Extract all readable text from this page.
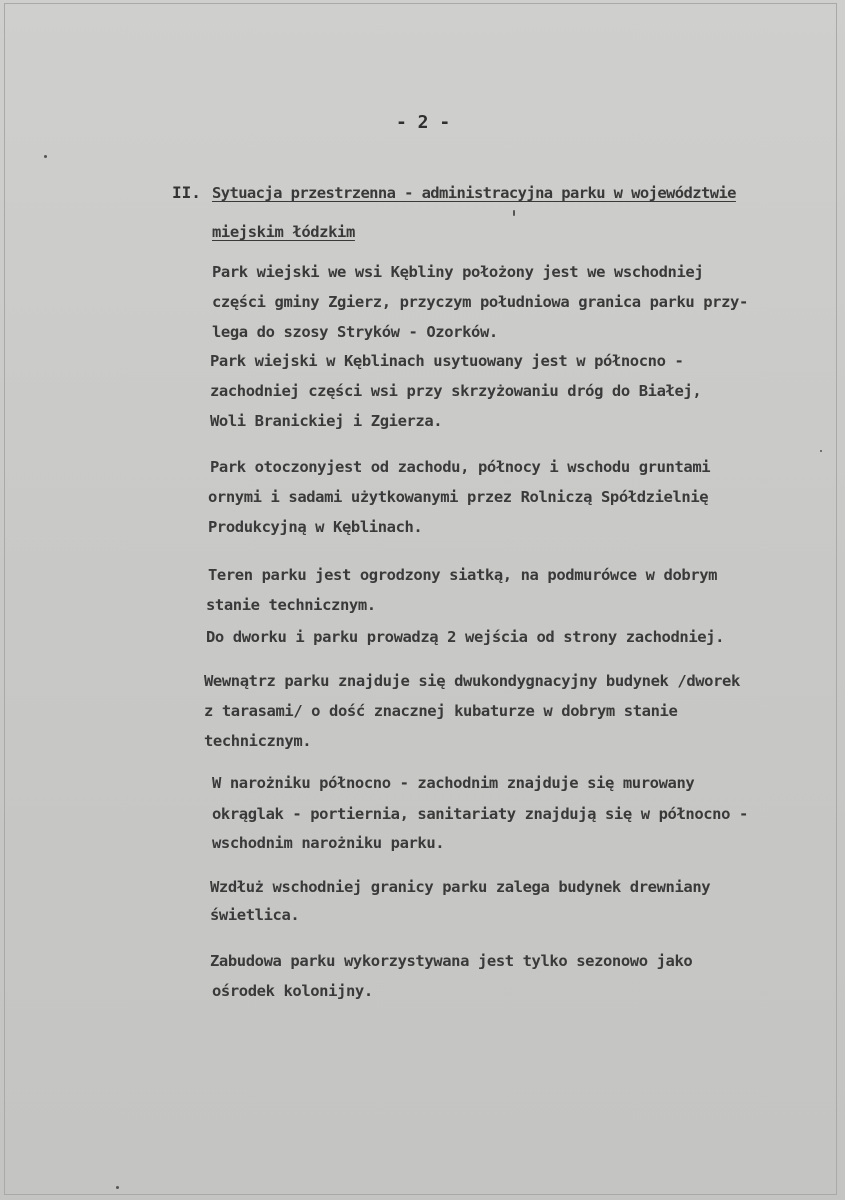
- 2 -
II. Sytuacja przestrzenna - administracyjna parku w województwie
miejskim łódzkim
Park wiejski we wsi Kębliny położony jest we wschodniej
części gminy Zgierz, przyczym południowa granica parku przy-
lega do szosy Stryków - Ozorków.
Park wiejski w Kęblinach usytuowany jest w północno -
zachodniej części wsi przy skrzyżowaniu dróg do Białej,
Woli Branickiej i Zgierza.
Park otoczonyjest od zachodu, północy i wschodu gruntami
ornymi i sadami użytkowanymi przez Rolniczą Spółdzielnię
Produkcyjną w Kęblinach.
Teren parku jest ogrodzony siatką, na podmurówce w dobrym
stanie technicznym.
Do dworku i parku prowadzą 2 wejścia od strony zachodniej.
Wewnątrz parku znajduje się dwukondygnacyjny budynek /dworek
z tarasami/ o dość znacznej kubaturze w dobrym stanie
technicznym.
W narożniku północno - zachodnim znajduje się murowany
okrąglak - portiernia, sanitariaty znajdują się w północno -
wschodnim narożniku parku.
Wzdłuż wschodniej granicy parku zalega budynek drewniany
świetlica.
Zabudowa parku wykorzystywana jest tylko sezonowo jako
ośrodek kolonijny.
